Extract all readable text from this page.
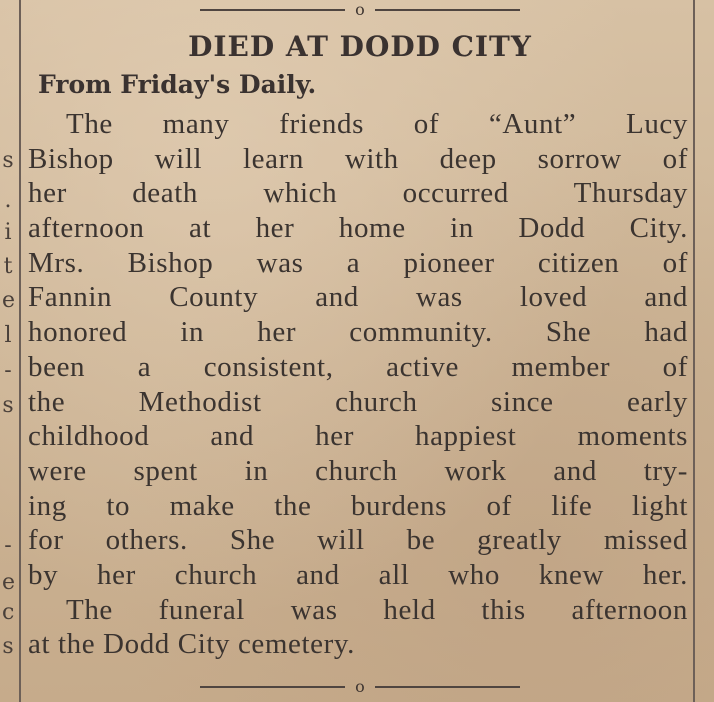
s
.
i
t
e
l
-
s
-
e
c
s
o
DIED AT DODD CITY
From Friday's Daily.
The many friends of “Aunt” Lucy
Bishop will learn with deep sorrow of
her death which occurred Thursday
afternoon at her home in Dodd City.
Mrs. Bishop was a pioneer citizen of
Fannin County and was loved and
honored in her community. She had
been a consistent, active member of
the Methodist church since early
childhood and her happiest moments
were spent in church work and try-
ing to make the burdens of life light
for others. She will be greatly missed
by her church and all who knew her.
The funeral was held this afternoon
at the Dodd City cemetery.
o
